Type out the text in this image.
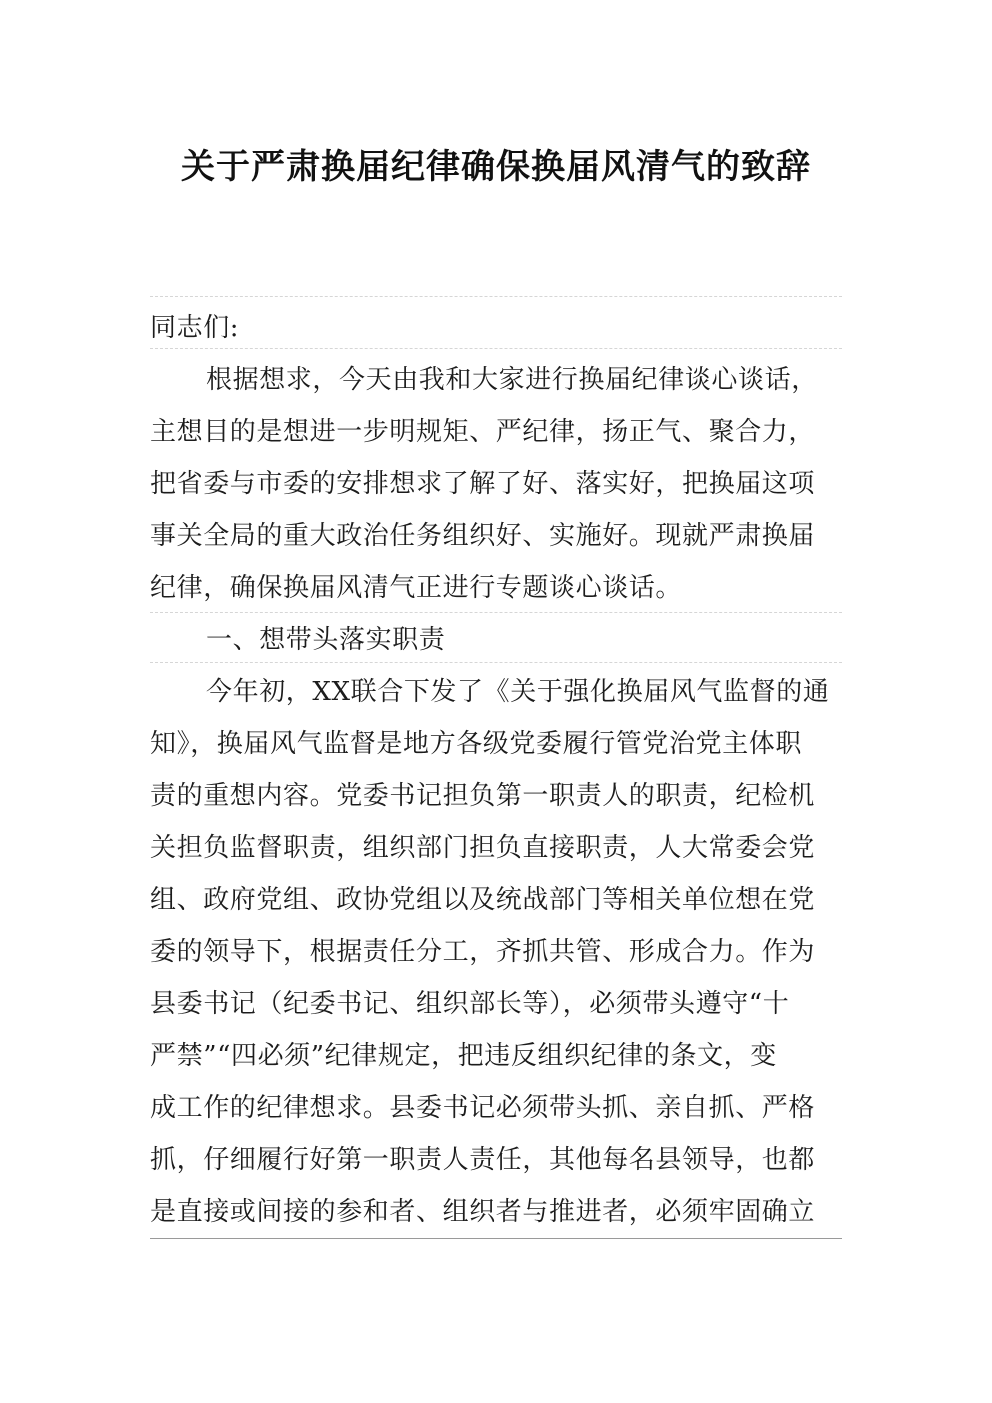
关于严肃换届纪律确保换届风清气的致辞
同志们:
根据想求，今天由我和大家进行换届纪律谈心谈话，
主想目的是想进一步明规矩、严纪律，扬正气、聚合力，
把省委与市委的安排想求了解了好、落实好，把换届这项
事关全局的重大政治任务组织好、实施好。现就严肃换届
纪律，确保换届风清气正进行专题谈心谈话。
一、想带头落实职责
今年初，XX联合下发了《关于强化换届风气监督的通
知》，换届风气监督是地方各级党委履行管党治党主体职
责的重想内容。党委书记担负第一职责人的职责，纪检机
关担负监督职责，组织部门担负直接职责，人大常委会党
组、政府党组、政协党组以及统战部门等相关单位想在党
委的领导下，根据责任分工，齐抓共管、形成合力。作为
县委书记（纪委书记、组织部长等），必须带头遵守“十
严禁”“四必须”纪律规定，把违反组织纪律的条文，变
成工作的纪律想求。县委书记必须带头抓、亲自抓、严格
抓，仔细履行好第一职责人责任，其他每名县领导，也都
是直接或间接的参和者、组织者与推进者，必须牢固确立
